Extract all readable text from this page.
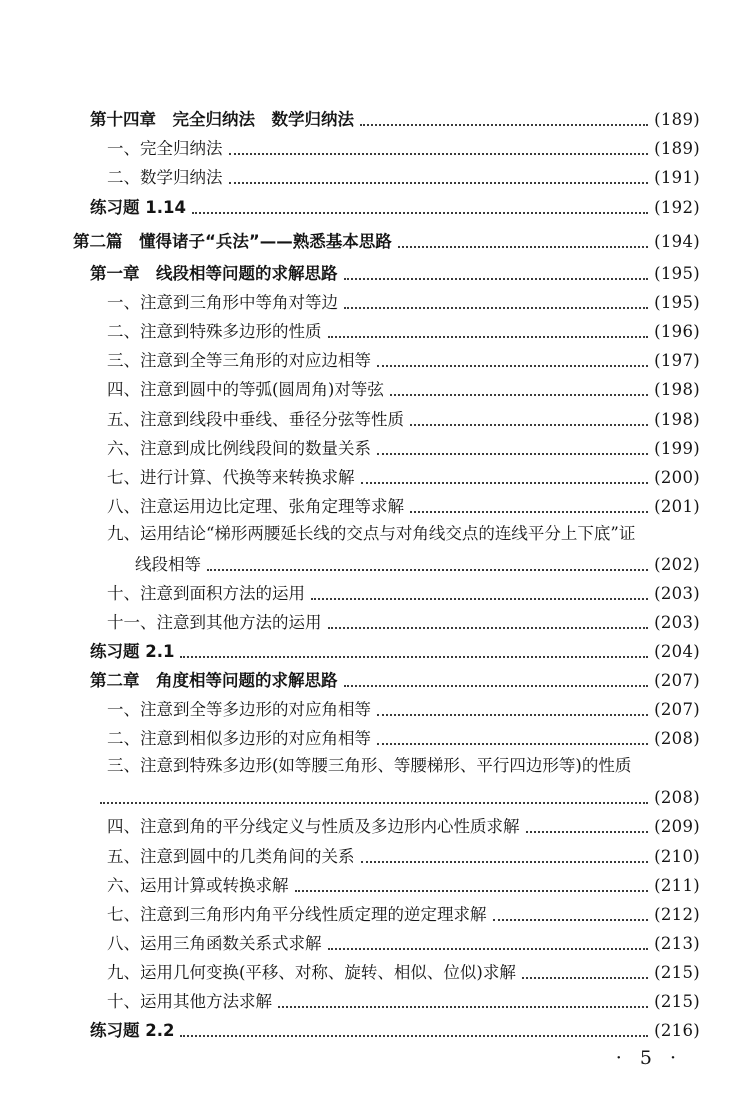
第十四章　完全归纳法　数学归纳法	(189)
一、完全归纳法	(189)
二、数学归纳法	(191)
练习题 1.14	(192)
第二篇　懂得诸子“兵法”——熟悉基本思路	(194)
第一章　线段相等问题的求解思路	(195)
一、注意到三角形中等角对等边	(195)
二、注意到特殊多边形的性质	(196)
三、注意到全等三角形的对应边相等	(197)
四、注意到圆中的等弧(圆周角)对等弦	(198)
五、注意到线段中垂线、垂径分弦等性质	(198)
六、注意到成比例线段间的数量关系	(199)
七、进行计算、代换等来转换求解	(200)
八、注意运用边比定理、张角定理等求解	(201)
九、运用结论“梯形两腰延长线的交点与对角线交点的连线平分上下底”证
线段相等	(202)
十、注意到面积方法的运用	(203)
十一、注意到其他方法的运用	(203)
练习题 2.1	(204)
第二章　角度相等问题的求解思路	(207)
一、注意到全等多边形的对应角相等	(207)
二、注意到相似多边形的对应角相等	(208)
三、注意到特殊多边形(如等腰三角形、等腰梯形、平行四边形等)的性质
(208)
四、注意到角的平分线定义与性质及多边形内心性质求解	(209)
五、注意到圆中的几类角间的关系	(210)
六、运用计算或转换求解	(211)
七、注意到三角形内角平分线性质定理的逆定理求解	(212)
八、运用三角函数关系式求解	(213)
九、运用几何变换(平移、对称、旋转、相似、位似)求解	(215)
十、运用其他方法求解	(215)
练习题 2.2	(216)
· 5 ·
